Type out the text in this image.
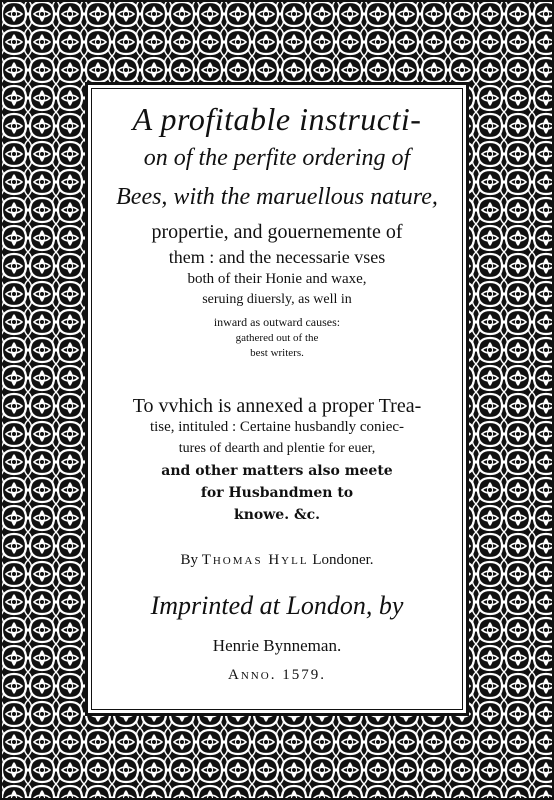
A profitable instructi-
on of the perfite ordering of
Bees, with the maruellous nature,
propertie, and gouernemente of
them : and the necessarie vses
both of their Honie and waxe,
seruing diuersly, as well in
inward as outward causes:
gathered out of the
best writers.
To vvhich is annexed a proper Trea-
tise, intituled : Certaine husbandly coniec-
tures of dearth and plentie for euer,
and other matters also meete
for Husbandmen to
knowe. &c.
By Thomas Hyll Londoner.
Imprinted at London, by
Henrie Bynneman.
Anno. 1579.
